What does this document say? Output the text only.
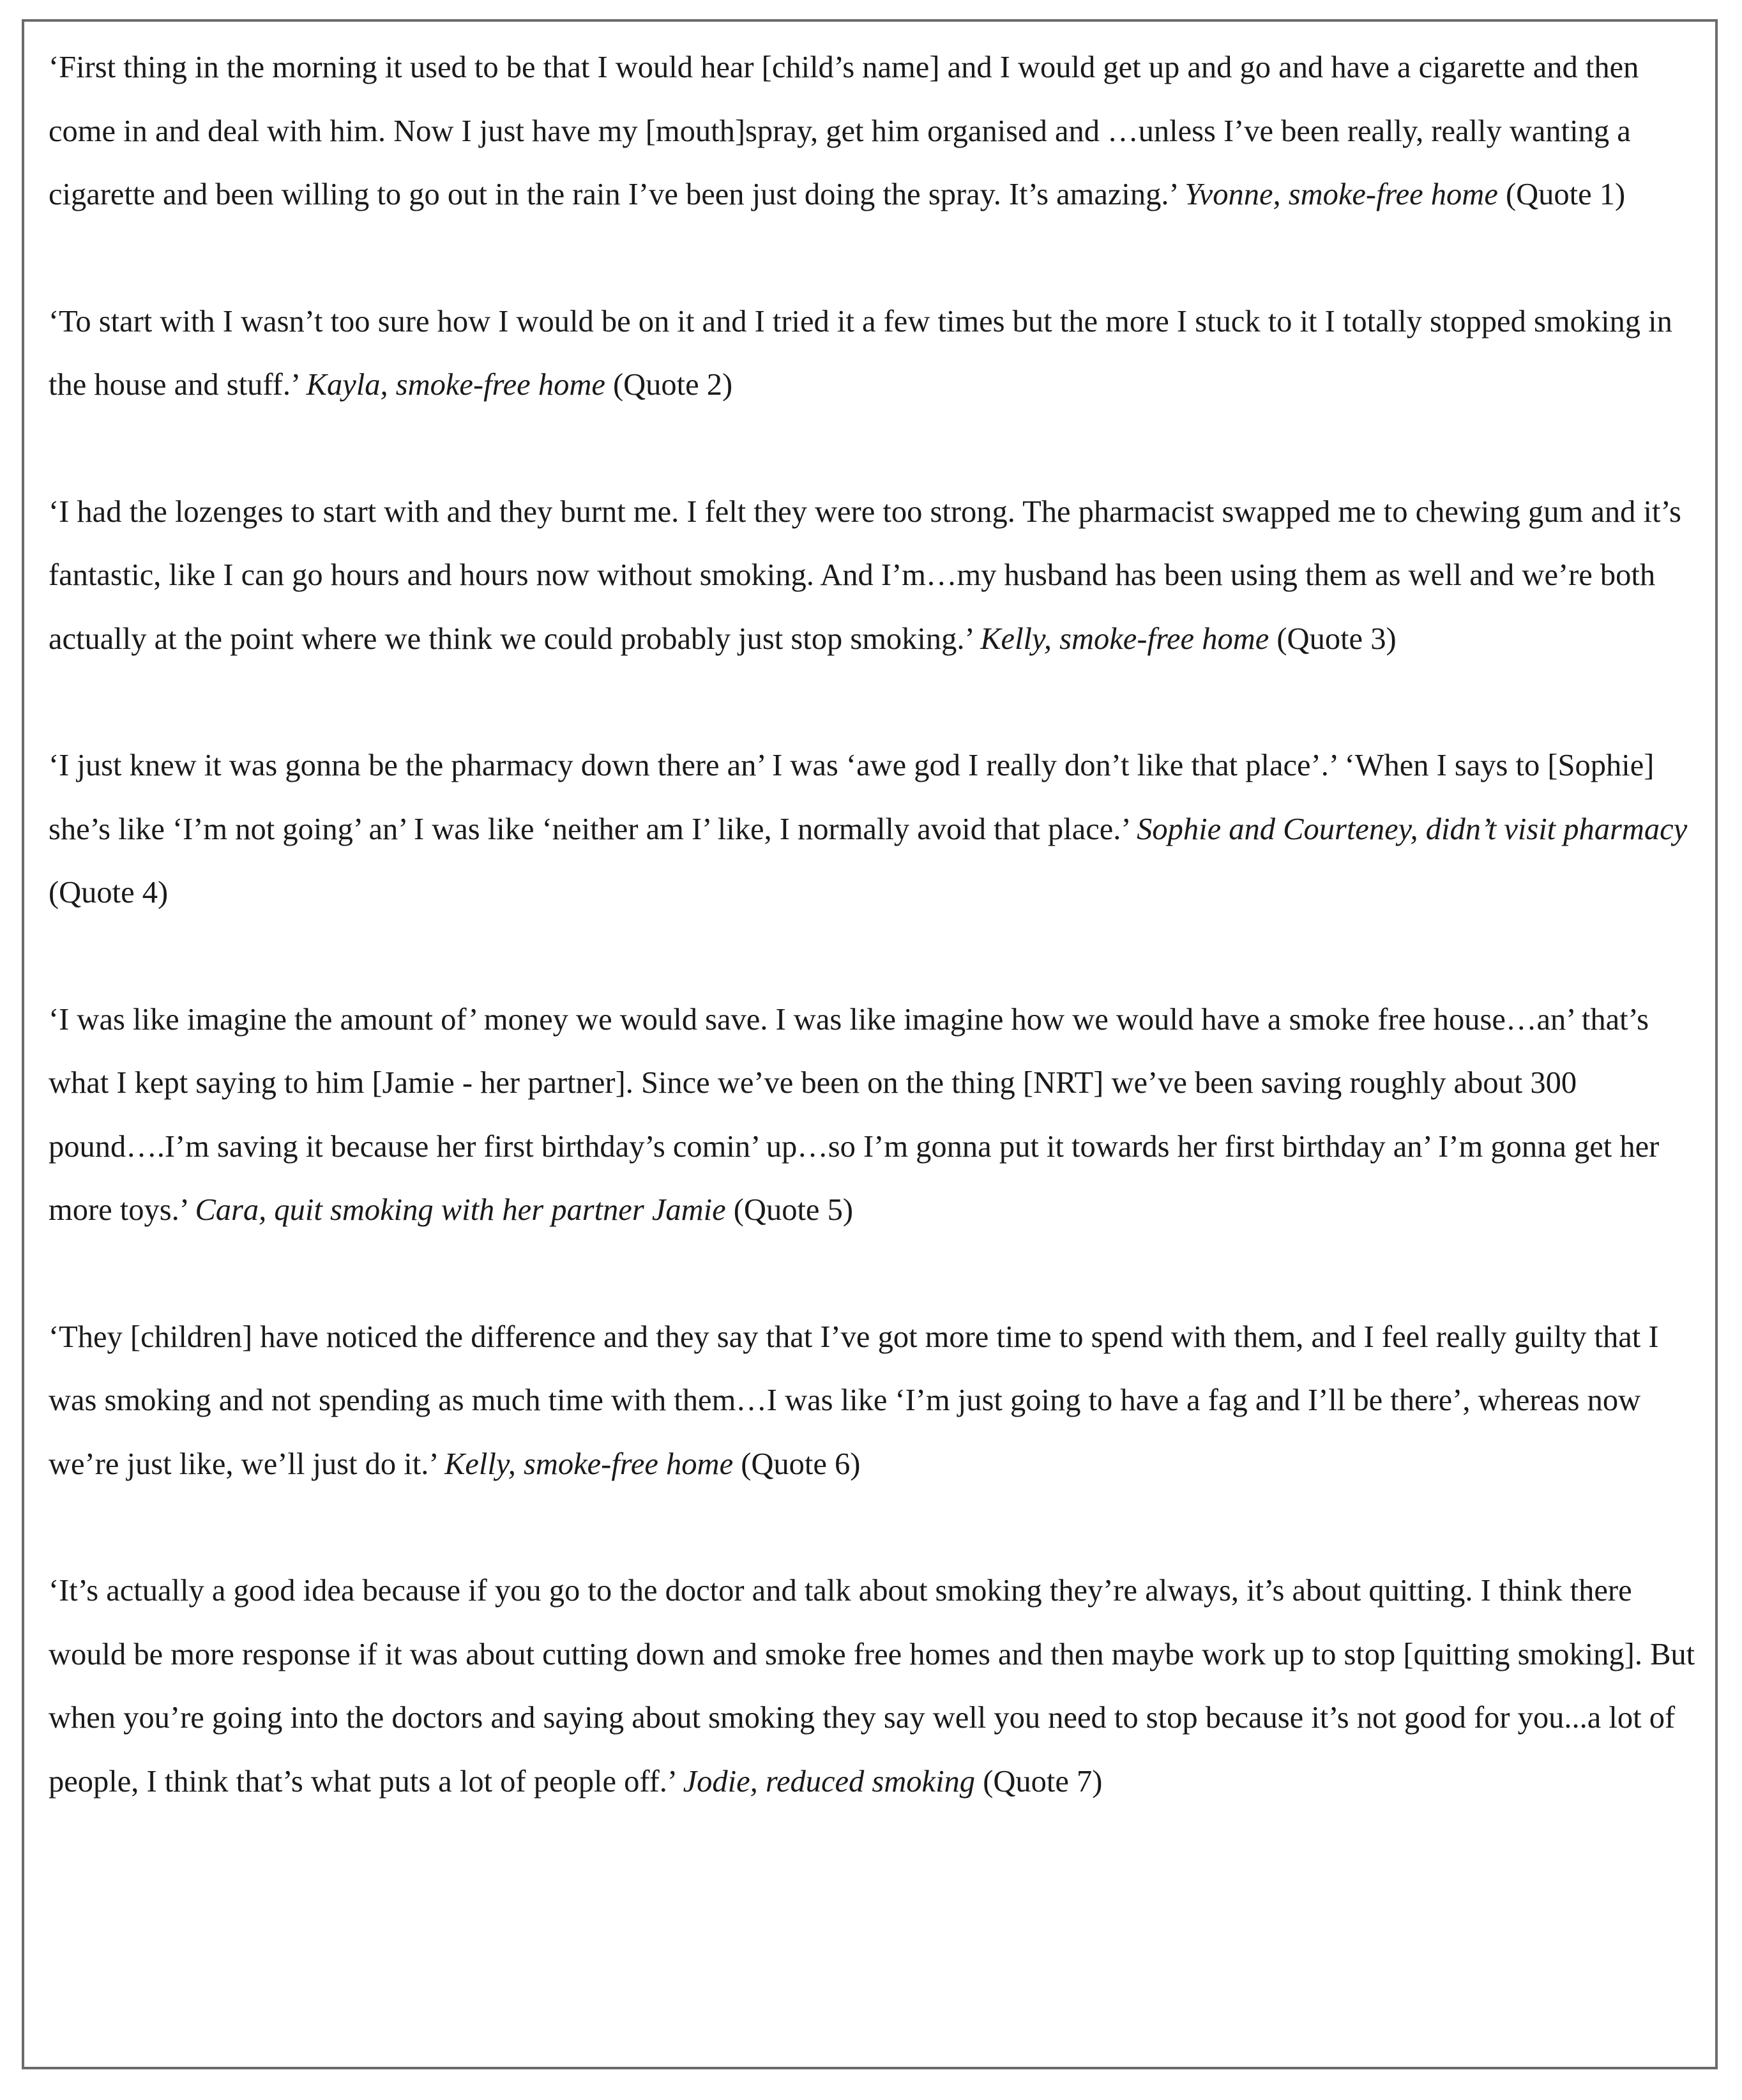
‘First thing in the morning it used to be that I would hear [child’s name] and I would get up and go and have a cigarette and then come in and deal with him. Now I just have my [mouth]spray, get him organised and …unless I’ve been really, really wanting a cigarette and been willing to go out in the rain I’ve been just doing the spray. It’s amazing.’ Yvonne, smoke-free home (Quote 1)

‘To start with I wasn’t too sure how I would be on it and I tried it a few times but the more I stuck to it I totally stopped smoking in the house and stuff.’ Kayla, smoke-free home (Quote 2)

‘I had the lozenges to start with and they burnt me. I felt they were too strong. The pharmacist swapped me to chewing gum and it’s fantastic, like I can go hours and hours now without smoking. And I’m…my husband has been using them as well and we’re both actually at the point where we think we could probably just stop smoking.’ Kelly, smoke-free home (Quote 3)

‘I just knew it was gonna be the pharmacy down there an’ I was ‘awe god I really don’t like that place’.’ ‘When I says to [Sophie] she’s like ‘I’m not going’ an’ I was like ‘neither am I’ like, I normally avoid that place.’ Sophie and Courteney, didn’t visit pharmacy (Quote 4)

‘I was like imagine the amount of’ money we would save. I was like imagine how we would have a smoke free house…an’ that’s what I kept saying to him [Jamie - her partner]. Since we’ve been on the thing [NRT] we’ve been saving roughly about 300 pound….I’m saving it because her first birthday’s comin’ up…so I’m gonna put it towards her first birthday an’ I’m gonna get her more toys.’ Cara, quit smoking with her partner Jamie (Quote 5)

‘They [children] have noticed the difference and they say that I’ve got more time to spend with them, and I feel really guilty that I was smoking and not spending as much time with them…I was like ‘I’m just going to have a fag and I’ll be there’, whereas now we’re just like, we’ll just do it.’ Kelly, smoke-free home (Quote 6)

‘It’s actually a good idea because if you go to the doctor and talk about smoking they’re always, it’s about quitting. I think there would be more response if it was about cutting down and smoke free homes and then maybe work up to stop [quitting smoking]. But when you’re going into the doctors and saying about smoking they say well you need to stop because it’s not good for you...a lot of people, I think that’s what puts a lot of people off.’ Jodie, reduced smoking (Quote 7)
